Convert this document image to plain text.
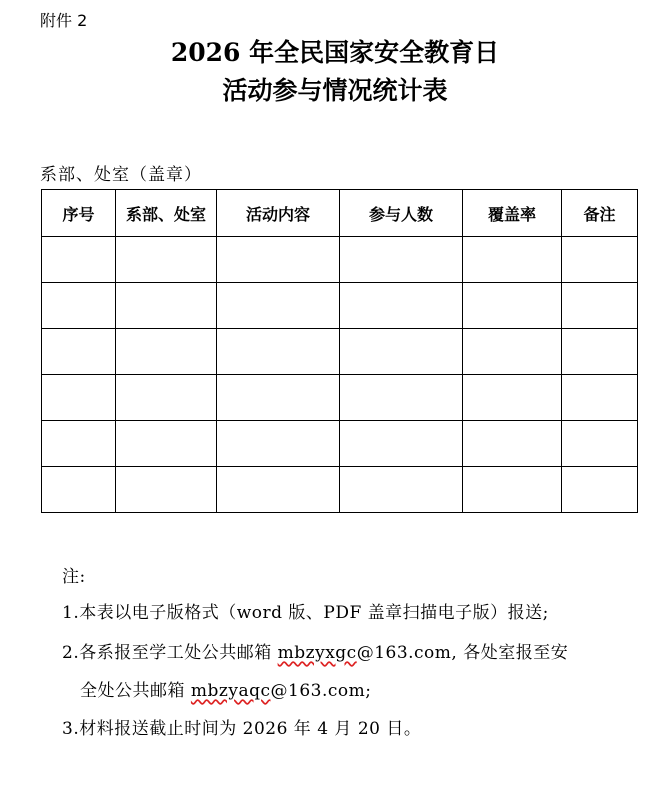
附件 2
2026 年全民国家安全教育日
活动参与情况统计表
系部、处室（盖章）
序号	系部、处室	活动内容	参与人数	覆盖率	备注

注:
1.本表以电子版格式（word 版、PDF 盖章扫描电子版）报送;
2.各系报至学工处公共邮箱 mbzyxgc@163.com, 各处室报至安
全处公共邮箱 mbzyaqc@163.com;
3.材料报送截止时间为 2026 年 4 月 20 日。
